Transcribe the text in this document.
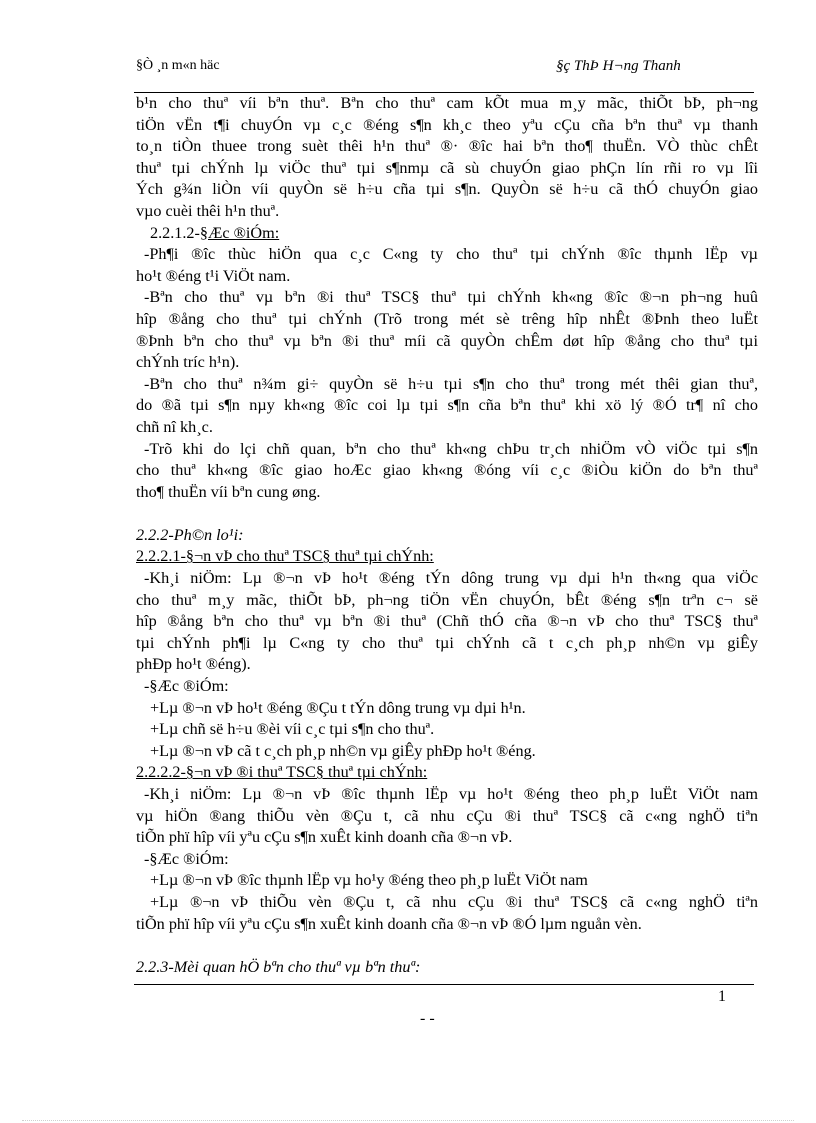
§Ò ¸n m«n häc	§ç ThÞ H¬ng Thanh
b¹n cho thuª víi bªn thuª. Bªn cho thuª cam kÕt mua m¸y mãc, thiÕt bÞ, ph¬ng
tiÖn vËn t¶i chuyÓn vµ c¸c ®éng s¶n kh¸c theo yªu cÇu cña bªn thuª vµ thanh
to¸n tiÒn thuee trong suèt thêi h¹n thuª ®· ®îc hai bªn tho¶ thuËn. VÒ thùc chÊt
thuª tµi chÝnh lµ viÖc thuª tµi s¶nmµ cã sù chuyÓn giao phÇn lín rñi ro vµ lîi
Ých g¾n liÒn víi quyÒn së h÷u cña tµi s¶n. QuyÒn së h÷u cã thÓ chuyÓn giao
vµo cuèi thêi h¹n thuª.
2.2.1.2-§Æc ®iÓm:
-Ph¶i ®îc thùc hiÖn qua c¸c C«ng ty cho thuª tµi chÝnh ®îc thµnh lËp vµ
ho¹t ®éng t¹i ViÖt nam.
-Bªn cho thuª vµ bªn ®i thuª TSC§ thuª tµi chÝnh kh«ng ®îc ®¬n ph¬ng huû
hîp ®ång cho thuª tµi chÝnh (Trõ trong mét sè trêng hîp nhÊt ®Þnh theo luËt
®Þnh bªn cho thuª vµ bªn ®i thuª míi cã quyÒn chÊm døt hîp ®ång cho thuª tµi
chÝnh tríc h¹n).
-Bªn cho thuª n¾m gi÷ quyÒn së h÷u tµi s¶n cho thuª trong mét thêi gian thuª,
do ®ã tµi s¶n nµy kh«ng ®îc coi lµ tµi s¶n cña bªn thuª khi xö lý ®Ó tr¶ nî cho
chñ nî kh¸c.
-Trõ khi do lçi chñ quan, bªn cho thuª kh«ng chÞu tr¸ch nhiÖm vÒ viÖc tµi s¶n
cho thuª kh«ng ®îc giao hoÆc giao kh«ng ®óng víi c¸c ®iÒu kiÖn do bªn thuª
tho¶ thuËn víi bªn cung øng.
2.2.2-Ph©n lo¹i:
2.2.2.1-§¬n vÞ cho thuª TSC§ thuª tµi chÝnh:
-Kh¸i niÖm: Lµ ®¬n vÞ ho¹t ®éng tÝn dông trung vµ dµi h¹n th«ng qua viÖc
cho thuª m¸y mãc, thiÕt bÞ, ph¬ng tiÖn vËn chuyÓn, bÊt ®éng s¶n trªn c¬ së
hîp ®ång bªn cho thuª vµ bªn ®i thuª (Chñ thÓ cña ®¬n vÞ cho thuª TSC§ thuª
tµi chÝnh ph¶i lµ C«ng ty cho thuª tµi chÝnh cã t c¸ch ph¸p nh©n vµ giÊy
phÐp ho¹t ®éng).
-§Æc ®iÓm:
+Lµ ®¬n vÞ ho¹t ®éng ®Çu t tÝn dông trung vµ dµi h¹n.
+Lµ chñ së h÷u ®èi víi c¸c tµi s¶n cho thuª.
+Lµ ®¬n vÞ cã t c¸ch ph¸p nh©n vµ giÊy phÐp ho¹t ®éng.
2.2.2.2-§¬n vÞ ®i thuª TSC§ thuª tµi chÝnh:
-Kh¸i niÖm: Lµ ®¬n vÞ ®îc thµnh lËp vµ ho¹t ®éng theo ph¸p luËt ViÖt nam
vµ hiÖn ®ang thiÕu vèn ®Çu t, cã nhu cÇu ®i thuª TSC§ cã c«ng nghÖ tiªn
tiÕn phï hîp víi yªu cÇu s¶n xuÊt kinh doanh cña ®¬n vÞ.
-§Æc ®iÓm:
+Lµ ®¬n vÞ ®îc thµnh lËp vµ ho¹y ®éng theo ph¸p luËt ViÖt nam
+Lµ ®¬n vÞ thiÕu vèn ®Çu t, cã nhu cÇu ®i thuª TSC§ cã c«ng nghÖ tiªn
tiÕn phï hîp víi yªu cÇu s¶n xuÊt kinh doanh cña ®¬n vÞ ®Ó lµm nguån vèn.
2.2.3-Mèi quan hÖ bªn cho thuª vµ bªn thuª:
1
- -
